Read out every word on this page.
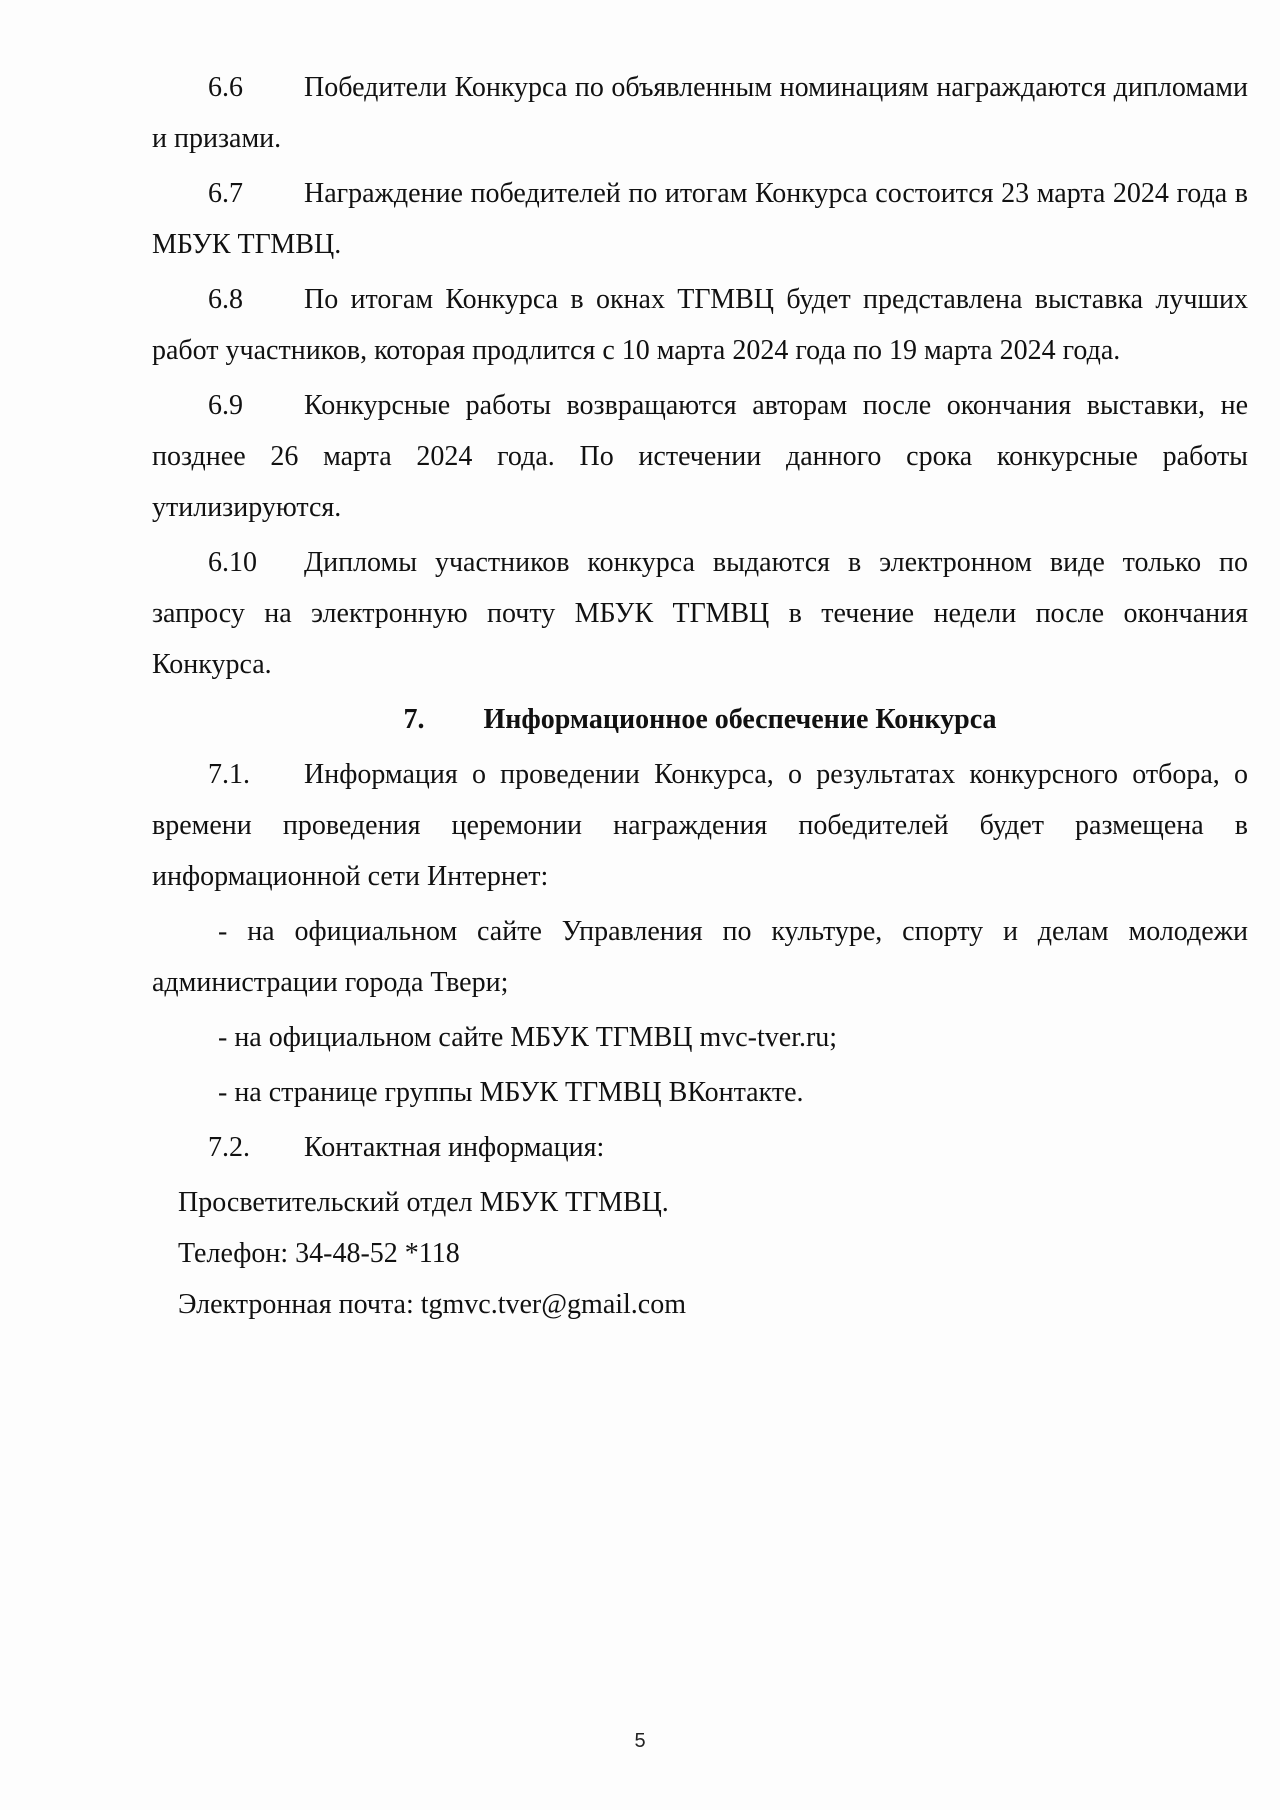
6.6 Победители Конкурса по объявленным номинациям награждаются дипломами и призами.

6.7 Награждение победителей по итогам Конкурса состоится 23 марта 2024 года в МБУК ТГМВЦ.

6.8 По итогам Конкурса в окнах ТГМВЦ будет представлена выставка лучших работ участников, которая продлится с 10 марта 2024 года по 19 марта 2024 года.

6.9 Конкурсные работы возвращаются авторам после окончания выставки, не позднее 26 марта 2024 года. По истечении данного срока конкурсные работы утилизируются.

6.10 Дипломы участников конкурса выдаются в электронном виде только по запросу на электронную почту МБУК ТГМВЦ в течение недели после окончания Конкурса.

7. Информационное обеспечение Конкурса

7.1. Информация о проведении Конкурса, о результатах конкурсного отбора, о времени проведения церемонии награждения победителей будет размещена в информационной сети Интернет:

- на официальном сайте Управления по культуре, спорту и делам молодежи администрации города Твери;

- на официальном сайте МБУК ТГМВЦ mvc-tver.ru;

- на странице группы МБУК ТГМВЦ ВКонтакте.

7.2. Контактная информация:

Просветительский отдел МБУК ТГМВЦ.

Телефон: 34-48-52 *118

Электронная почта: tgmvc.tver@gmail.com

5
